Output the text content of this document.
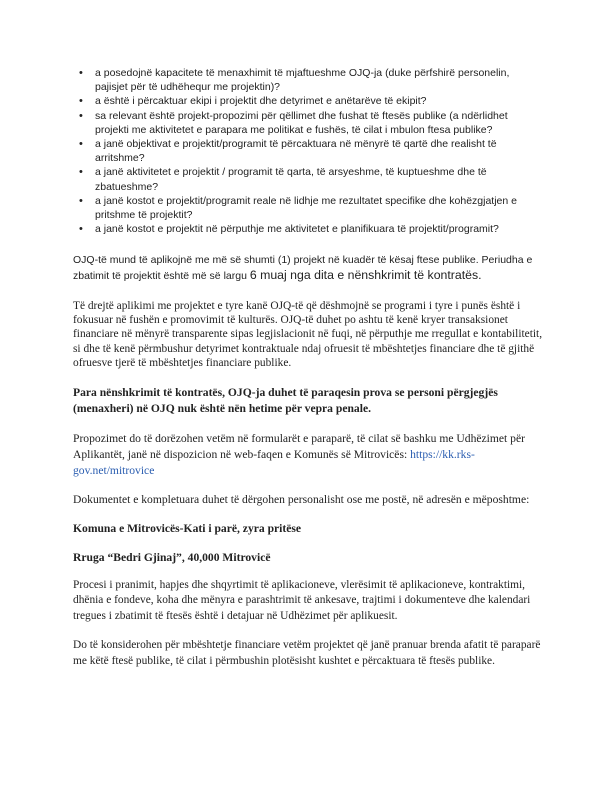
• a posedojnë kapacitete të menaxhimit të mjaftueshme OJQ-ja (duke përfshirë personelin, pajisjet për të udhëhequr me projektin)?
• a është i përcaktuar ekipi i projektit dhe detyrimet e anëtarëve të ekipit?
• sa relevant është projekt-propozimi për qëllimet dhe fushat të ftesës publike (a ndërlidhet projekti me aktivitetet e parapara me politikat e fushës, të cilat i mbulon ftesa publike?
• a janë objektivat e projektit/programit të përcaktuara në mënyrë të qartë dhe realisht të arritshme?
• a janë aktivitetet e projektit / programit të qarta, të arsyeshme, të kuptueshme dhe të zbatueshme?
• a janë kostot e projektit/programit reale në lidhje me rezultatet specifike dhe kohëzgjatjen e pritshme të projektit?
• a janë kostot e projektit në përputhje me aktivitetet e planifikuara të projektit/programit?

OJQ-të mund të aplikojnë me më së shumti (1) projekt në kuadër të kësaj ftese publike. Periudha e zbatimit të projektit është më së largu 6 muaj nga dita e nënshkrimit të kontratës.

Të drejtë aplikimi me projektet e tyre kanë OJQ-të që dëshmojnë se programi i tyre i punës është i fokusuar në fushën e promovimit të kulturës. OJQ-të duhet po ashtu të kenë kryer transaksionet financiare në mënyrë transparente sipas legjislacionit në fuqi, në përputhje me rregullat e kontabilitetit, si dhe të kenë përmbushur detyrimet kontraktuale ndaj ofruesit të mbështetjes financiare dhe të gjithë ofruesve tjerë të mbështetjes financiare publike.

Para nënshkrimit të kontratës, OJQ-ja duhet të paraqesin prova se personi përgjegjës (menaxheri) në OJQ nuk është nën hetime për vepra penale.

Propozimet do të dorëzohen vetëm në formularët e paraparë, të cilat së bashku me Udhëzimet për Aplikantët, janë në dispozicion në web-faqen e Komunës së Mitrovicës: https://kk.rks-gov.net/mitrovice

Dokumentet e kompletuara duhet të dërgohen personalisht ose me postë, në adresën e mëposhtme:

Komuna e Mitrovicës-Kati i parë, zyra pritëse

Rruga “Bedri Gjinaj”, 40,000 Mitrovicë

Procesi i pranimit, hapjes dhe shqyrtimit të aplikacioneve, vlerësimit të aplikacioneve, kontraktimi, dhënia e fondeve, koha dhe mënyra e parashtrimit të ankesave, trajtimi i dokumenteve dhe kalendari tregues i zbatimit të ftesës është i detajuar në Udhëzimet për aplikuesit.

Do të konsiderohen për mbështetje financiare vetëm projektet që janë pranuar brenda afatit të paraparë me këtë ftesë publike, të cilat i përmbushin plotësisht kushtet e përcaktuara të ftesës publike.
